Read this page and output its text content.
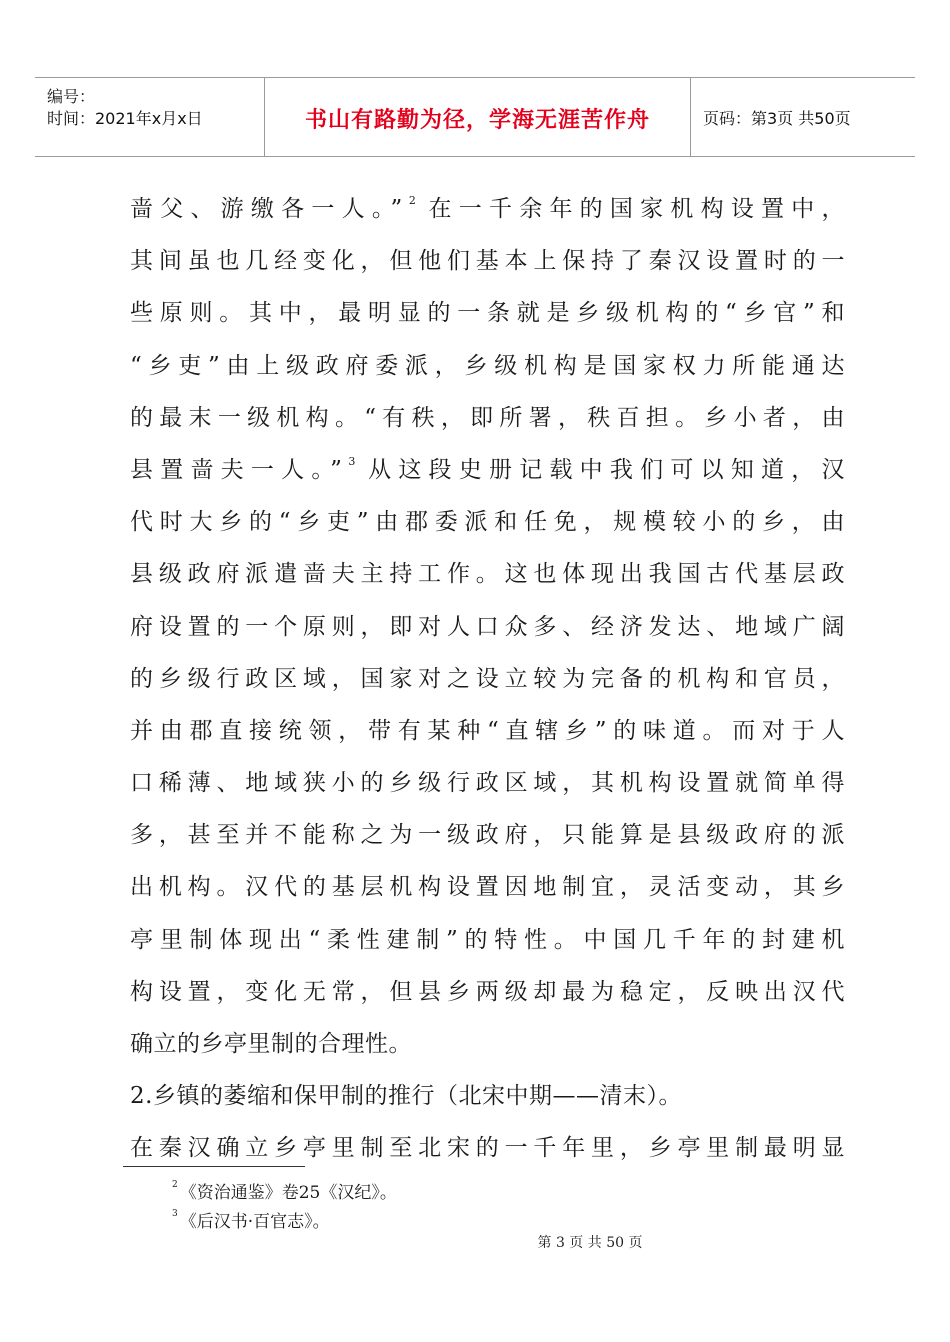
编号：
时间：2021年x月x日	书山有路勤为径，学海无涯苦作舟	页码：第3页 共50页
啬父、游缴各一人。” $^2$ 在一千余年的国家机构设置中，
其间虽也几经变化，但他们基本上保持了秦汉设置时的一
些原则。其中，最明显的一条就是乡级机构的“乡官”和
“乡吏”由上级政府委派，乡级机构是国家权力所能通达
的最末一级机构。“有秩，即所署，秩百担。乡小者，由
县置啬夫一人。” $^3$ 从这段史册记载中我们可以知道，汉
代时大乡的“乡吏”由郡委派和任免，规模较小的乡，由
县级政府派遣啬夫主持工作。这也体现出我国古代基层政
府设置的一个原则，即对人口众多、经济发达、地域广阔
的乡级行政区域，国家对之设立较为完备的机构和官员，
并由郡直接统领，带有某种“直辖乡”的味道。而对于人
口稀薄、地域狭小的乡级行政区域，其机构设置就简单得
多，甚至并不能称之为一级政府，只能算是县级政府的派
出机构。汉代的基层机构设置因地制宜，灵活变动，其乡
亭里制体现出“柔性建制”的特性。中国几千年的封建机
构设置，变化无常，但县乡两级却最为稳定，反映出汉代
确立的乡亭里制的合理性。
2.乡镇的萎缩和保甲制的推行（北宋中期——清末）。
在秦汉确立乡亭里制至北宋的一千年里，乡亭里制最明显
$^2$ 《资治通鉴》卷25《汉纪》。
$^3$ 《后汉书·百官志》。
第 3 页 共 50 页
